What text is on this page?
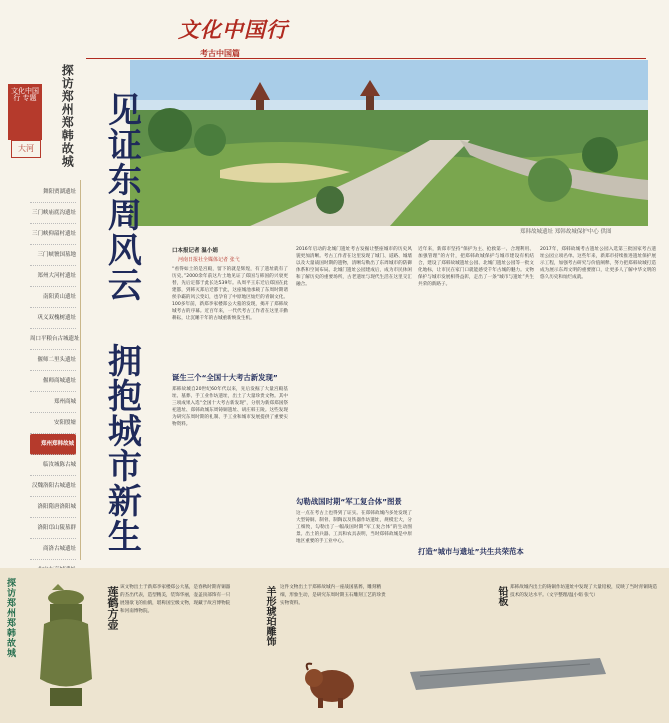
文化中国行 专题
大河
文化中国行
考古中国篇
郑韩故城遗址 郑韩故城保护中心 供图
探访郑州郑韩故城 见证东周风云 拥抱城市新生
舞阳贾湖遗址
三门峡庙底沟遗址
三门峡仰韶村遗址
三门峡虢国墓地
郑州大河村遗址
南阳黄山遗址
巩义双槐树遗址
周口平粮台古城遗址
偃师二里头遗址
偃师商城遗址
郑州商城
安阳殷墟
郑州郑韩故城
临汝城陈古城
汉魏洛阳古城遗址
洛阳隋唐洛阳城
洛阳邙山陵墓群
商洛古城遗址
口本报记者 温小娟
河南日报社全媒体记者 张弋
“看得如土的是宫殿，留下的就是辉煌，有了遗址就有了历史。”2000余年前这片土地见证了郑国与韩国的兴衰更替，先后定都于此长达539年。从周平王东迁后郑国在此建都，到韩灭郑后迁都于此，这座城池承载了东周时期诸侯争霸的风云变幻，也孕育了中原地区灿烂的青铜文化。100多年前，新郑李家楼郑公大墓的发现，揭开了郑韩故城考古的序幕。近百年来，一代代考古工作者在这里辛勤耕耘，让沉睡千年的古城重新焕发生机。
诞生三个“全国十大考古新发现”
郑韩故城自20世纪60年代以来，先后发掘了大量宫殿基址、墓葬、手工业作坊遗址，出土了大量珍贵文物。其中三项成果入选“全国十大考古新发现”，分别为新郑郑国祭祀遗址、郑韩故城东周铸铜遗址、胡庄韩王陵。这些发现为研究东周时期的礼制、手工业和城市发展提供了重要实物资料。
2016年启动的北城门遗址考古发掘让整座城市的历史风貌更加清晰。考古工作者在这里发现了城门、道路、城墙以及大量战国时期的遗物，清晰勾勒出了东周城市的防御体系和空间布局。北城门遗址公园建成后，成为市民休闲和了解历史的重要场所，古老遗址与现代生活在这里交汇融合。
勾勒战国时期“军工复合体”图景
这一点在考古上也得到了证实。在郑韩故城内多处发现了大型铸铜、制骨、制陶以及铁器作坊遗址，规模宏大，分工细致，勾勒出了一幅战国时期“军工复合体”的生动图景。出土的兵器、工具和农具表明，当时郑韩故城是中原地区重要的手工业中心。
近年来，新郑市坚持“保护为主、抢救第一、合理利用、加强管理”的方针，把郑韩故城保护与城市建设有机结合，建设了郑韩故城遗址公园、北城门遗址公园等一批文化地标，让市民在家门口就能感受千年古城的魅力。文物保护与城市发展相得益彰，走出了一条“城市与遗址”共生共荣的新路子。
打造“城市与遗址”共生共荣范本
2017年，郑韩故城考古遗址公园入选第三批国家考古遗址公园立项名单。这些年来，新郑市持续推进遗址保护展示工程，加强考古研究与价值阐释，努力把郑韩故城打造成为展示东周文明的重要窗口，让更多人了解中华文明的悠久历史和灿烂成就。
探访郑州郑韩故城	莲鹤方壶 该文物出土于新郑李家楼郑公大墓，是春秋时期青铜器的杰出代表，造型精美，装饰华丽，壶盖顶部饰有一只展翅欲飞的仙鹤，堪称国宝级文物，现藏于故宫博物院和河南博物院。	羊形琥珀雕饰	这件文物出土于郑韩故城内一座战国墓葬，雕刻精细，形象生动，是研究东周时期玉石雕刻工艺的珍贵实物资料。	铅板 郑韩故城内出土的铸铜作坊遗址中发现了大量铅板，反映了当时青铜铸造技术的发达水平。（文字整理/温小娟 张弋）
